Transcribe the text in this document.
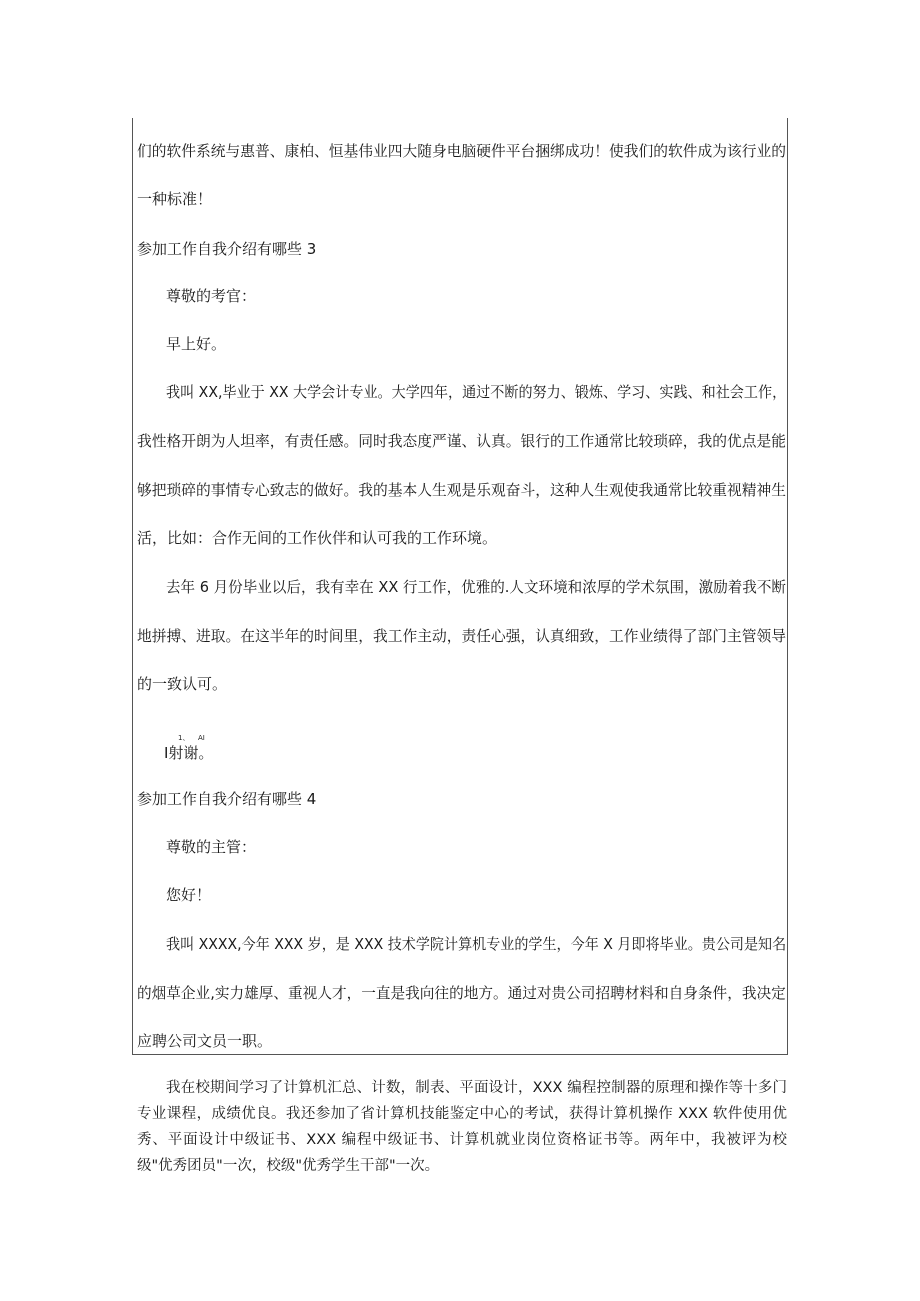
们的软件系统与惠普、康柏、恒基伟业四大随身电脑硬件平台捆绑成功！使我们的软件成为该行业的
一种标准！
参加工作自我介绍有哪些 3
尊敬的考官：
早上好。
我叫 XX,毕业于 XX 大学会计专业。大学四年，通过不断的努力、锻炼、学习、实践、和社会工作，
我性格开朗为人坦率，有责任感。同时我态度严谨、认真。银行的工作通常比较琐碎，我的优点是能
够把琐碎的事情专心致志的做好。我的基本人生观是乐观奋斗，这种人生观使我通常比较重视精神生
活，比如：合作无间的工作伙伴和认可我的工作环境。
去年 6 月份毕业以后，我有幸在 XX 行工作，优雅的.人文环境和浓厚的学术氛围，激励着我不断
地拼搏、进取。在这半年的时间里，我工作主动，责任心强，认真细致，工作业绩得了部门主管领导
的一致认可。
1、 AI
I射谢。
参加工作自我介绍有哪些 4
尊敬的主管：
您好！
我叫 XXXX,今年 XXX 岁，是 XXX 技术学院计算机专业的学生，今年 X 月即将毕业。贵公司是知名
的烟草企业,实力雄厚、重视人才，一直是我向往的地方。通过对贵公司招聘材料和自身条件，我决定
应聘公司文员一职。
我在校期间学习了计算机汇总、计数，制表、平面设计，XXX 编程控制器的原理和操作等十多门专业课程，成绩优良。我还参加了省计算机技能鉴定中心的考试，获得计算机操作 XXX 软件使用优秀、平面设计中级证书、XXX 编程中级证书、计算机就业岗位资格证书等。两年中，我被评为校级"优秀团员"一次，校级"优秀学生干部"一次。
